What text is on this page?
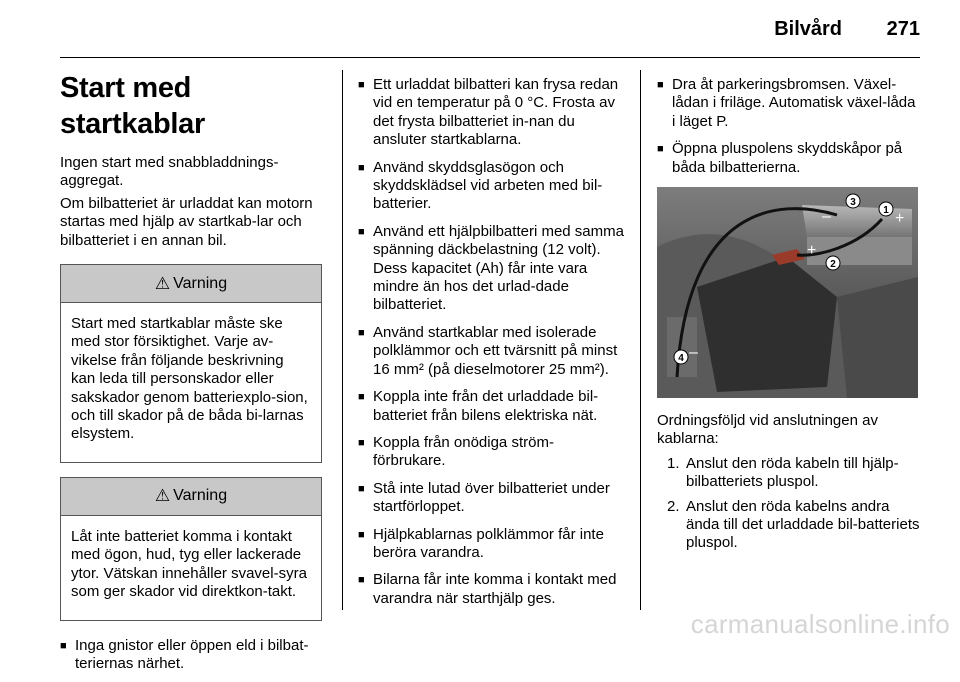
Bilvård 271
Start med startkablar

Ingen start med snabbladdnings-aggregat.

Om bilbatteriet är urladdat kan motorn startas med hjälp av startkab-lar och bilbatteriet i en annan bil.

⚠ Varning

Start med startkablar måste ske med stor försiktighet. Varje av-vikelse från följande beskrivning kan leda till personskador eller sakskador genom batteriexplo-sion, och till skador på de båda bi-larnas elsystem.

⚠ Varning

Låt inte batteriet komma i kontakt med ögon, hud, tyg eller lackerade ytor. Vätskan innehåller svavel-syra som ger skador vid direktkon-takt.

■ Inga gnistor eller öppen eld i bilbat-teriernas närhet.
■ Ett urladdat bilbatteri kan frysa redan vid en temperatur på 0 °C. Frosta av det frysta bilbatteriet in-nan du ansluter startkablarna.
■ Använd skyddsglasögon och skyddsklädsel vid arbeten med bil-batterier.
■ Använd ett hjälpbilbatteri med samma spänning däckbelastning (12 volt). Dess kapacitet (Ah) får inte vara mindre än hos det urlad-dade bilbatteriet.
■ Använd startkablar med isolerade polklämmor och ett tvärsnitt på minst 16 mm² (på dieselmotorer 25 mm²).
■ Koppla inte från det urladdade bil-batteriet från bilens elektriska nät.
■ Koppla från onödiga ström-förbrukare.
■ Stå inte lutad över bilbatteriet under startförloppet.
■ Hjälpkablarnas polklämmor får inte beröra varandra.
■ Bilarna får inte komma i kontakt med varandra när starthjälp ges.
■ Dra åt parkeringsbromsen. Växel-lådan i friläge. Automatisk växel-låda i läget P.
■ Öppna pluspolens skyddskåpor på båda bilbatterierna.
1 +
2
+
3
–
4 –

Ordningsföljd vid anslutningen av kablarna:

1. Anslut den röda kabeln till hjälp-bilbatteriets pluspol.
2. Anslut den röda kabelns andra ända till det urladdade bil-batteriets pluspol.
carmanualsonline.info
